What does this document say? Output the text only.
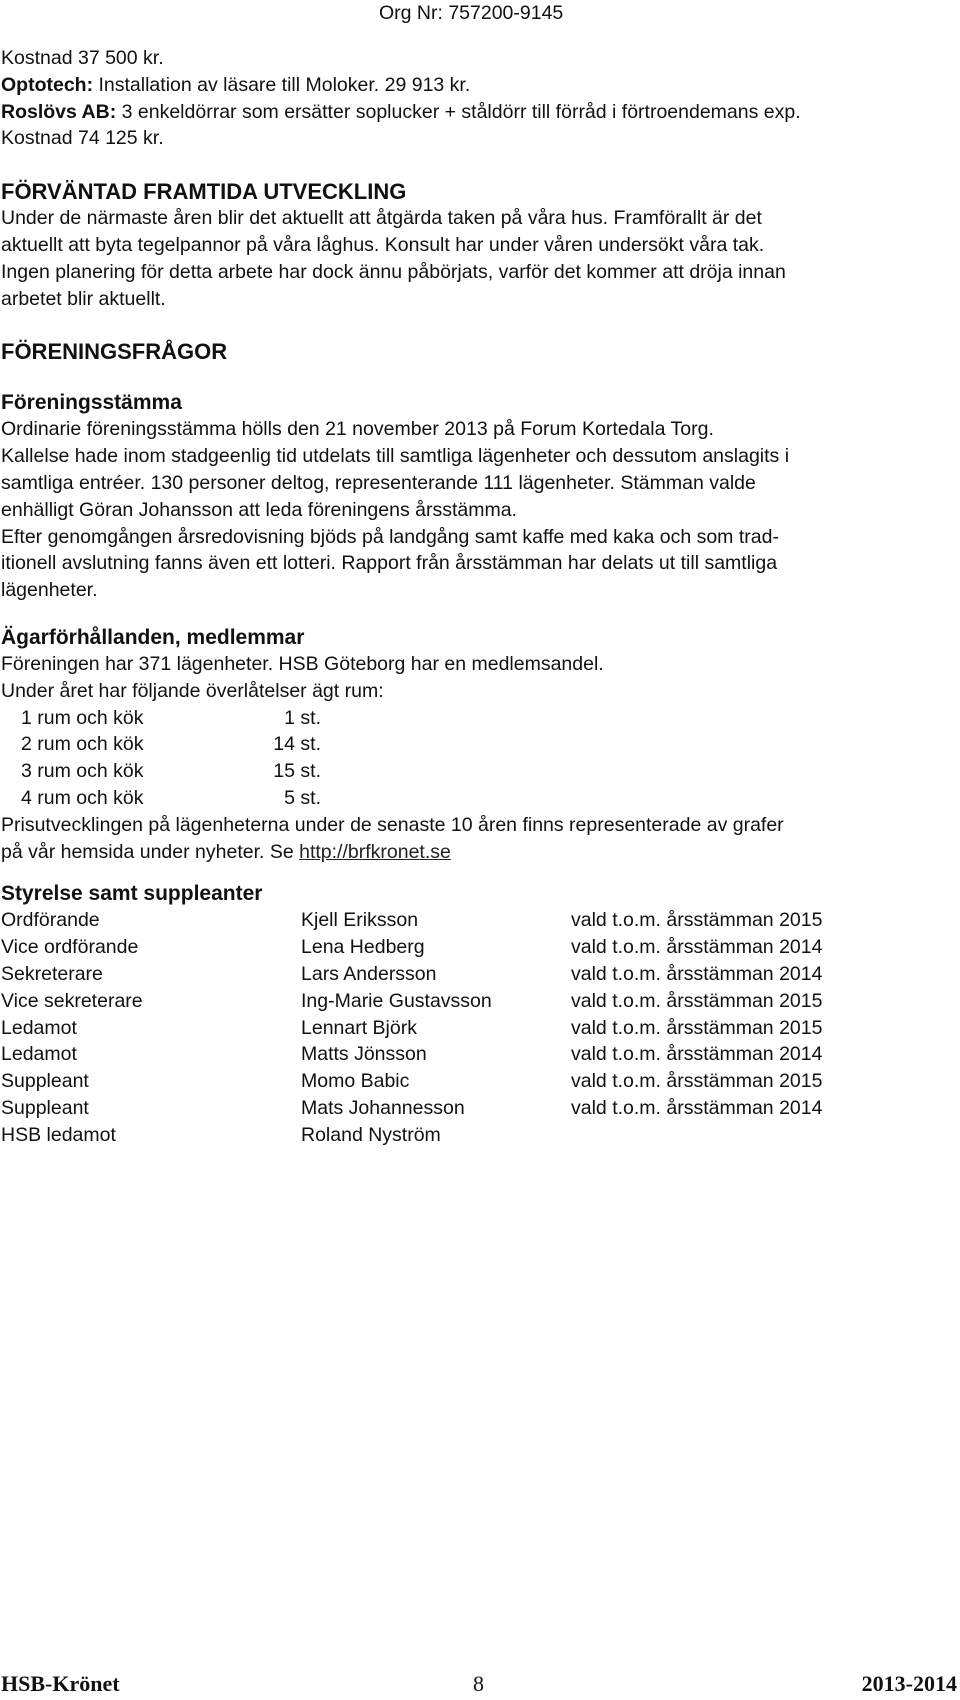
Org Nr: 757200-9145

Kostnad 37 500 kr.

Optotech: Installation av läsare till Moloker. 29 913 kr.

Roslövs AB: 3 enkeldörrar som ersätter soplucker + ståldörr till förråd i förtroendemans exp.

Kostnad 74 125 kr.

FÖRVÄNTAD FRAMTIDA UTVECKLING

Under de närmaste åren blir det aktuellt att åtgärda taken på våra hus. Framförallt är det

aktuellt att byta tegelpannor på våra låghus. Konsult har under våren undersökt våra tak.

Ingen planering för detta arbete har dock ännu påbörjats, varför det kommer att dröja innan

arbetet blir aktuellt.

FÖRENINGSFRÅGOR

Föreningsstämma

Ordinarie föreningsstämma hölls den 21 november 2013 på Forum Kortedala Torg.

Kallelse hade inom stadgeenlig tid utdelats till samtliga lägenheter och dessutom anslagits i

samtliga entréer. 130 personer deltog, representerande 111 lägenheter. Stämman valde

enhälligt Göran Johansson att leda föreningens årsstämma.

Efter genomgången årsredovisning bjöds på landgång samt kaffe med kaka och som trad-

itionell avslutning fanns även ett lotteri. Rapport från årsstämman har delats ut till samtliga

lägenheter.

Ägarförhållanden, medlemmar

Föreningen har 371 lägenheter. HSB Göteborg har en medlemsandel.

Under året har följande överlåtelser ägt rum:

1 rum och kök	1 st.
2 rum och kök	14 st.
3 rum och kök	15 st.
4 rum och kök	5 st.

Prisutvecklingen på lägenheterna under de senaste 10 åren finns representerade av grafer

på vår hemsida under nyheter. Se http://brfkronet.se

Styrelse samt suppleanter

Ordförande	Kjell Eriksson	vald t.o.m. årsstämman 2015
Vice ordförande	Lena Hedberg	vald t.o.m. årsstämman 2014
Sekreterare	Lars Andersson	vald t.o.m. årsstämman 2014
Vice sekreterare	Ing-Marie Gustavsson	vald t.o.m. årsstämman 2015
Ledamot	Lennart Björk	vald t.o.m. årsstämman 2015
Ledamot	Matts Jönsson	vald t.o.m. årsstämman 2014
Suppleant	Momo Babic	vald t.o.m. årsstämman 2015
Suppleant	Mats Johannesson	vald t.o.m. årsstämman 2014
HSB ledamot	Roland Nyström
HSB-Krönet	8	2013-2014
